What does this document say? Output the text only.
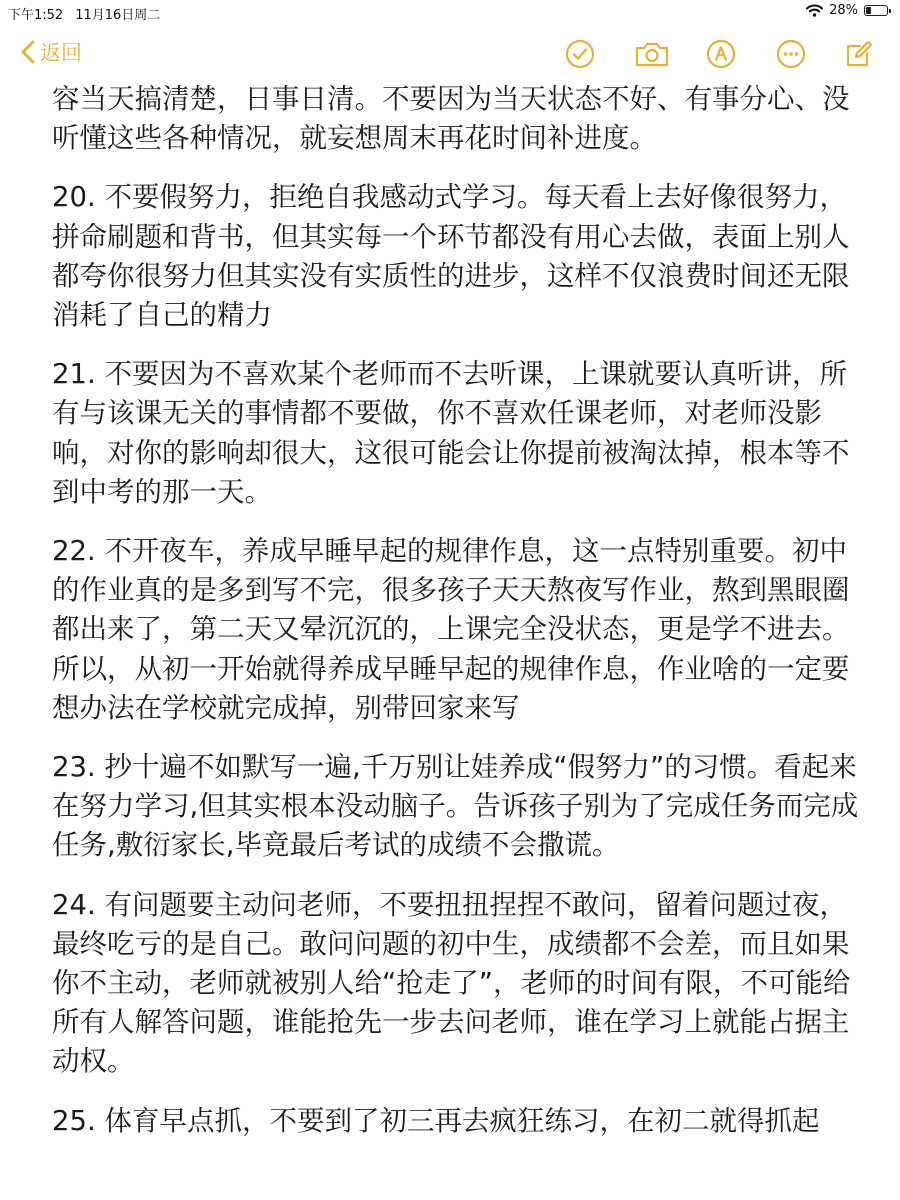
下午1:52 11月16日周二	28%
返回

容当天搞清楚，日事日清。不要因为当天状态不好、有事分心、没听懂这些各种情况，就妄想周末再花时间补进度。

20. 不要假努力，拒绝自我感动式学习。每天看上去好像很努力，拼命刷题和背书，但其实每一个环节都没有用心去做，表面上别人都夸你很努力但其实没有实质性的进步，这样不仅浪费时间还无限消耗了自己的精力

21. 不要因为不喜欢某个老师而不去听课，上课就要认真听讲，所有与该课无关的事情都不要做，你不喜欢任课老师，对老师没影响，对你的影响却很大，这很可能会让你提前被淘汰掉，根本等不到中考的那一天。

22. 不开夜车，养成早睡早起的规律作息，这一点特别重要。初中的作业真的是多到写不完，很多孩子天天熬夜写作业，熬到黑眼圈都出来了，第二天又晕沉沉的，上课完全没状态，更是学不进去。所以，从初一开始就得养成早睡早起的规律作息，作业啥的一定要想办法在学校就完成掉，别带回家来写

23. 抄十遍不如默写一遍,千万别让娃养成“假努力”的习惯。看起来在努力学习,但其实根本没动脑子。告诉孩子别为了完成任务而完成任务,敷衍家长,毕竟最后考试的成绩不会撒谎。

24. 有问题要主动问老师，不要扭扭捏捏不敢问，留着问题过夜，最终吃亏的是自己。敢问问题的初中生，成绩都不会差，而且如果你不主动，老师就被别人给“抢走了”，老师的时间有限，不可能给所有人解答问题，谁能抢先一步去问老师，谁在学习上就能占据主动权。

25. 体育早点抓，不要到了初三再去疯狂练习，在初二就得抓起
